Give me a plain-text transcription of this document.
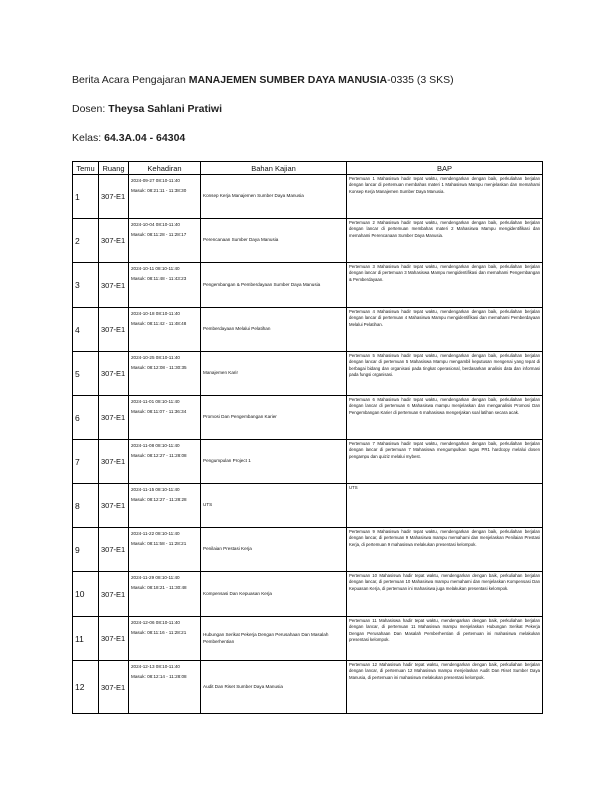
Berita Acara Pengajaran MANAJEMEN SUMBER DAYA MANUSIA-0335 (3 SKS)
Dosen: Theysa Sahlani Pratiwi
Kelas: 64.3A.04 - 64304
Temu	Ruang	Kehadiran	Bahan Kajian	BAP
1	307-E1	2024-09-27 08:10-11:40
Masuk: 08:21:11 - 11:38:30	Konsep Kerja Manajemen Sumber Daya Manusia	Pertemuan 1 Mahasiswa hadir tepat waktu, mendengarkan dengan baik, perkuliahan berjalan dengan lancar di pertemuan membahas materi 1 Mahasiswa Mampu menjelaskan dan memahami Konsep Kerja Manajemen Sumber Daya Manusia.
2	307-E1	2024-10-04 08:10-11:40
Masuk: 08:11:28 - 11:28:17	Perencanaan Sumber Daya Manusia	Pertemuan 2 Mahasiswa hadir tepat waktu, mendengarkan dengan baik, perkuliahan berjalan dengan lancar di pertemuan membahas materi 2 Mahasiswa Mampu mengidentifikasi dan memahami Perencanaan Sumber Daya Manusia.
3	307-E1	2024-10-11 08:10-11:40
Masuk: 08:11:48 - 11:43:23	Pengembangan & Pemberdayaan Sumber Daya Manusia	Pertemuan 3 Mahasiswa hadir tepat waktu, mendengarkan dengan baik, perkuliahan berjalan dengan lancar di pertemuan 3 Mahasiswa Mampu mengidentifikasi dan memahami Pengembangan & Pemberdayaan.
4	307-E1	2024-10-18 08:10-11:40
Masuk: 08:11:42 - 11:48:48	Pemberdayaan Melalui Pelatihan	Pertemuan 4 Mahasiswa hadir tepat waktu, mendengarkan dengan baik, perkuliahan berjalan dengan lancar di pertemuan 4 Mahasiswa Mampu mengidentifikasi dan memahami Pemberdayaan Melalui Pelatihan.
5	307-E1	2024-10-25 08:10-11:40
Masuk: 08:12:08 - 11:30:35	Manajemen Karir	Pertemuan 5 Mahasiswa hadir tepat waktu, mendengarkan dengan baik, perkuliahan berjalan dengan lancar di pertemuan 5 Mahasiswa Mampu mengambil keputusan mengenai yang tepat di berbagai bidang dan organisasi pada tingkat operasional, berdasarkan analisis data dan informasi pada fungsi organisasi.
6	307-E1	2024-11-01 08:10-11:40
Masuk: 08:11:07 - 11:36:34	Promosi Dan Pengembangan Karier	Pertemuan 6 Mahasiswa hadir tepat waktu, mendengarkan dengan baik, perkuliahan berjalan dengan lancar di pertemuan 6 Mahasiswa mampu menjelaskan dan menganalisis Promosi Dan Pengembangan Karier di pertemuan 6 mahasiswa mengerjakan soal latihan secara acak.
7	307-E1	2024-11-08 08:10-11:40
Masuk: 08:12:27 - 11:28:08	Pengumpulan Project 1	Pertemuan 7 Mahasiswa hadir tepat waktu, mendengarkan dengan baik, perkuliahan berjalan dengan lancar di pertemuan 7 Mahasiswa mengumpulkan tugas PR1 hardcopy melalui dosen pengampu dan quiziz melalui mybest.
8	307-E1	2024-11-15 08:10-11:40
Masuk: 08:12:27 - 11:28:28	UTS	UTS
9	307-E1	2024-11-22 08:10-11:40
Masuk: 08:11:58 - 11:28:21	Penilaian Prestasi Kerja	Pertemuan 9 Mahasiswa hadir tepat waktu, mendengarkan dengan baik, perkuliahan berjalan dengan lancar, di pertemuan 9 Mahasiswa mampu memahami dan menjelaskan Penilaian Prestasi Kerja, di pertemuan 9 mahasiswa melakukan presentasi kelompok.
10	307-E1	2024-11-29 08:10-11:40
Masuk: 08:18:21 - 11:30:48	Kompensasi Dan Kepuasan Kerja	Pertemuan 10 Mahasiswa hadir tepat waktu, mendengarkan dengan baik, perkuliahan berjalan dengan lancar, di pertemuan 10 Mahasiswa mampu memahami dan menjelaskan Kompensasi Dan Kepuasan Kerja, di pertemuan ini mahasiswa juga melakukan presentasi kelompok.
11	307-E1	2024-12-06 08:10-11:40
Masuk: 08:11:16 - 11:28:21	Hubungan Serikat Pekerja Dengan Perusahaan Dan Masalah Pemberhentian	Pertemuan 11 Mahasiswa hadir tepat waktu, mendengarkan dengan baik, perkuliahan berjalan dengan lancar, di pertemuan 11 Mahasiswa mampu menjelaskan Hubungan Serikat Pekerja Dengan Perusahaan Dan Masalah Pemberhentian di pertemuan ini mahasiswa melakukan presentasi kelompok.
12	307-E1	2024-12-13 08:10-11:40
Masuk: 08:12:14 - 11:28:08	Audit Dan Riset Sumber Daya Manusia	Pertemuan 12 Mahasiswa hadir tepat waktu, mendengarkan dengan baik, perkuliahan berjalan dengan lancar, di pertemuan 12 Mahasiswa mampu menjelaskan Audit Dan Riset Sumber Daya Manusia, di pertemuan ini mahasiswa melakukan presentasi kelompok.
